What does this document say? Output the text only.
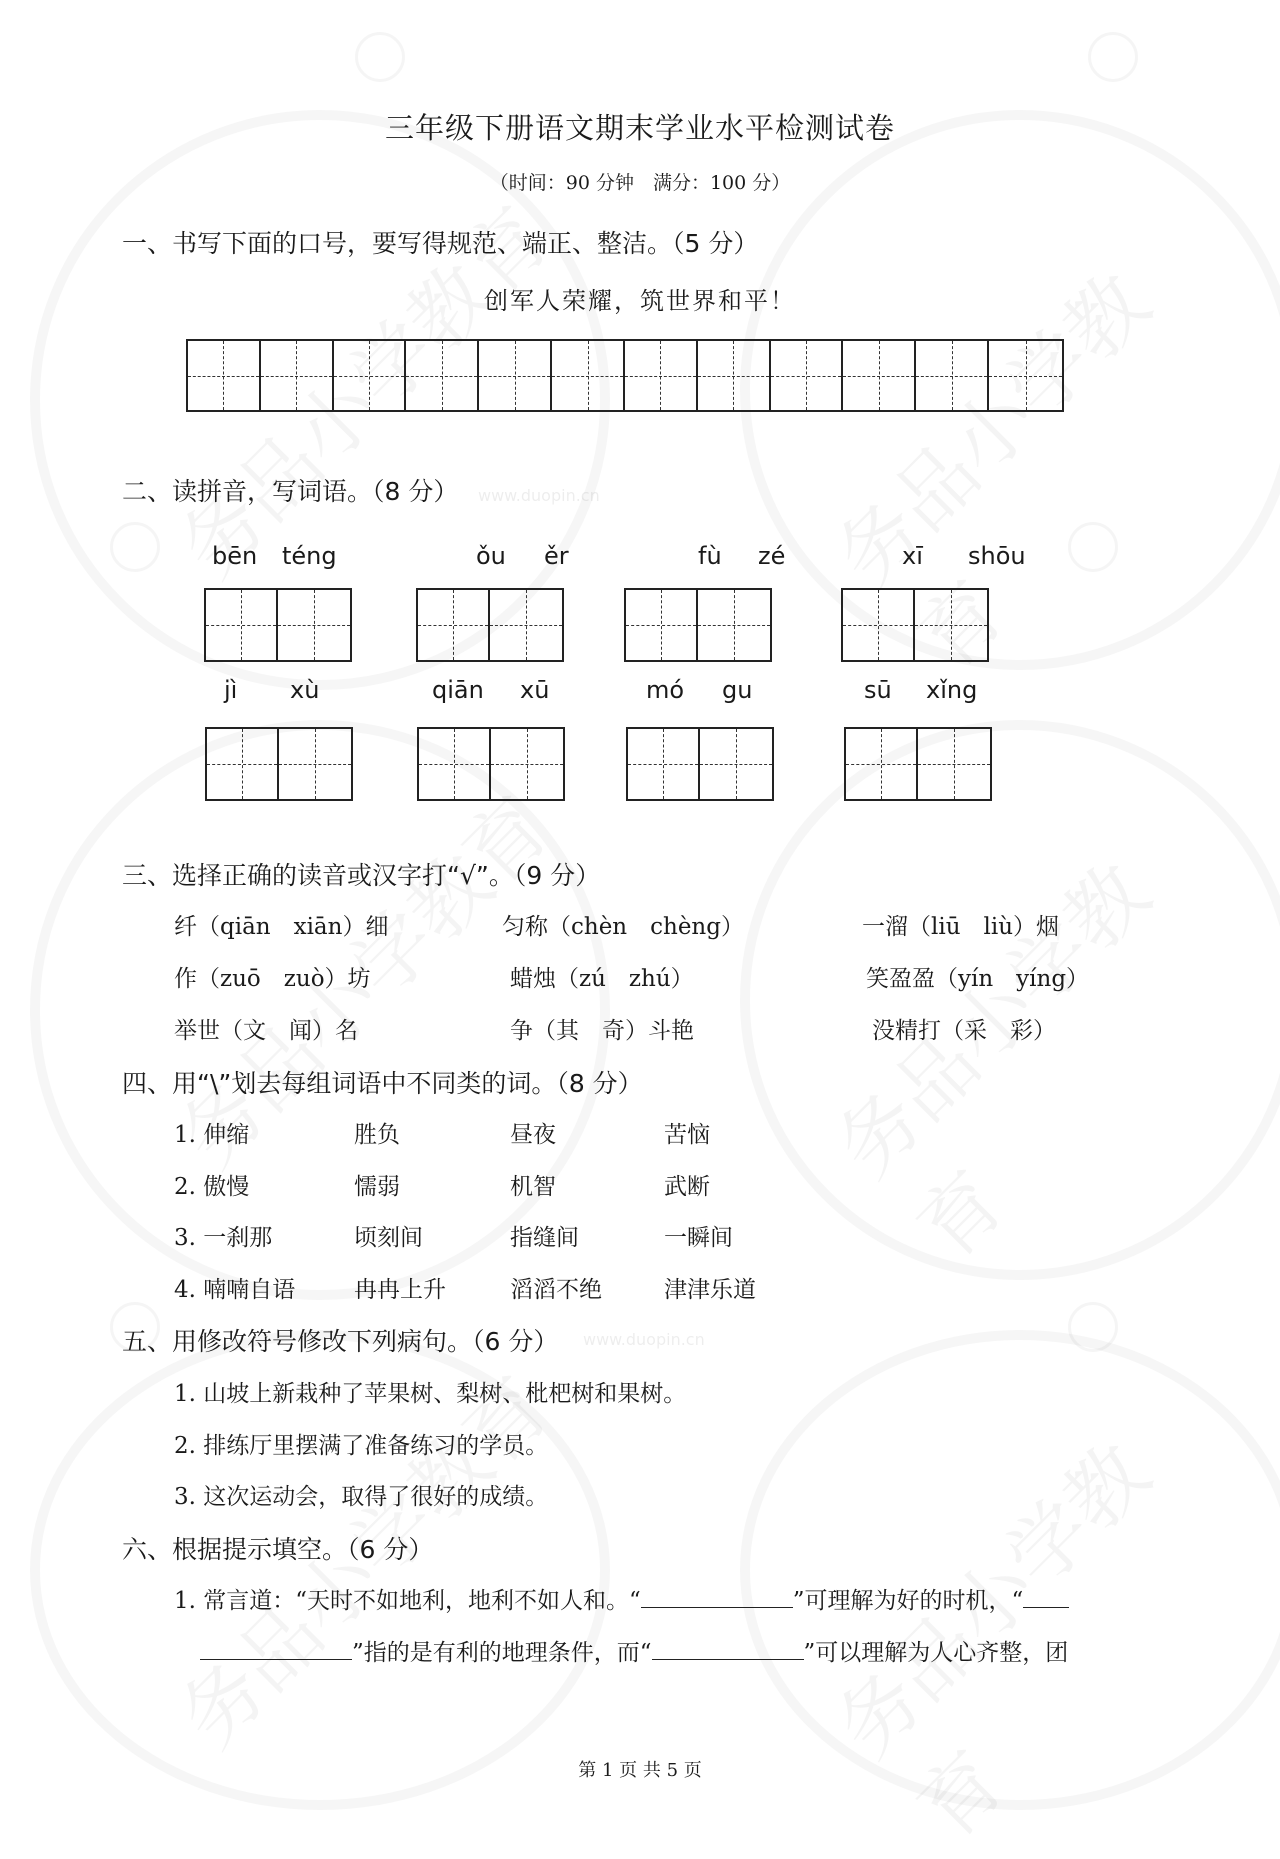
www.duopin.cn
www.duopin.cn
三年级下册语文期末学业水平检测试卷
（时间：90 分钟　满分：100 分）
一、书写下面的口号，要写得规范、端正、整洁。（5 分）
创军人荣耀，筑世界和平！
二、读拼音，写词语。（8 分）
bēn téng	ǒu ěr	fù zé	xī shōu
jì xù	qiān xū	mó gu	sū xǐng
三、选择正确的读音或汉字打“√”。（9 分）
纤（qiān　xiān）细	匀称（chèn　chèng）	一溜（liū　liù）烟
作（zuō　zuò）坊	蜡烛（zú　zhú）	笑盈盈（yín　yíng）
举世（文　闻）名	争（其　奇）斗艳	没精打（采　彩）
四、用“\”划去每组词语中不同类的词。（8 分）
1. 伸缩	胜负	昼夜	苦恼
2. 傲慢	懦弱	机智	武断
3. 一刹那	顷刻间	指缝间	一瞬间
4. 喃喃自语	冉冉上升	滔滔不绝	津津乐道
五、用修改符号修改下列病句。（6 分）
1. 山坡上新栽种了苹果树、梨树、枇杷树和果树。
2. 排练厅里摆满了准备练习的学员。
3. 这次运动会，取得了很好的成绩。
六、根据提示填空。（6 分）
1. 常言道：“天时不如地利，地利不如人和。“	”可理解为好的时机，“
”指的是有利的地理条件，而“	”可以理解为人心齐整，团
第 1 页 共 5 页
